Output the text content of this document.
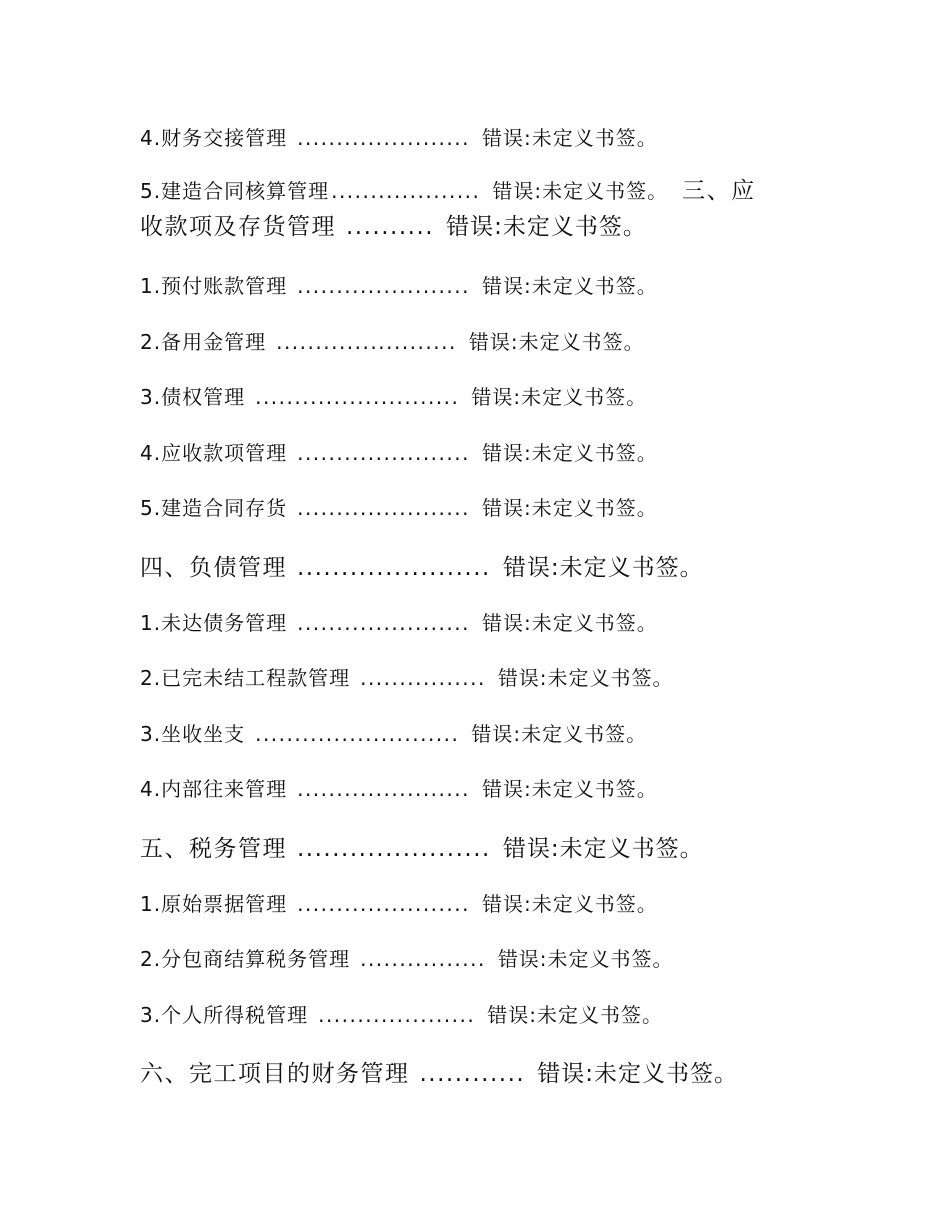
4.财务交接管理 ...................... 错误:未定义书签。
5.建造合同核算管理 ................... 错误:未定义书签。 三、应
收款项及存货管理 .......... 错误:未定义书签。
1.预付账款管理 ...................... 错误:未定义书签。
2.备用金管理 ....................... 错误:未定义书签。
3.债权管理 .......................... 错误:未定义书签。
4.应收款项管理 ...................... 错误:未定义书签。
5.建造合同存货 ...................... 错误:未定义书签。
四、负债管理 ...................... 错误:未定义书签。
1.未达债务管理 ...................... 错误:未定义书签。
2.已完未结工程款管理 ................ 错误:未定义书签。
3.坐收坐支 .......................... 错误:未定义书签。
4.内部往来管理 ...................... 错误:未定义书签。
五、税务管理 ...................... 错误:未定义书签。
1.原始票据管理 ...................... 错误:未定义书签。
2.分包商结算税务管理 ................ 错误:未定义书签。
3.个人所得税管理 .................... 错误:未定义书签。
六、完工项目的财务管理 ............ 错误:未定义书签。
